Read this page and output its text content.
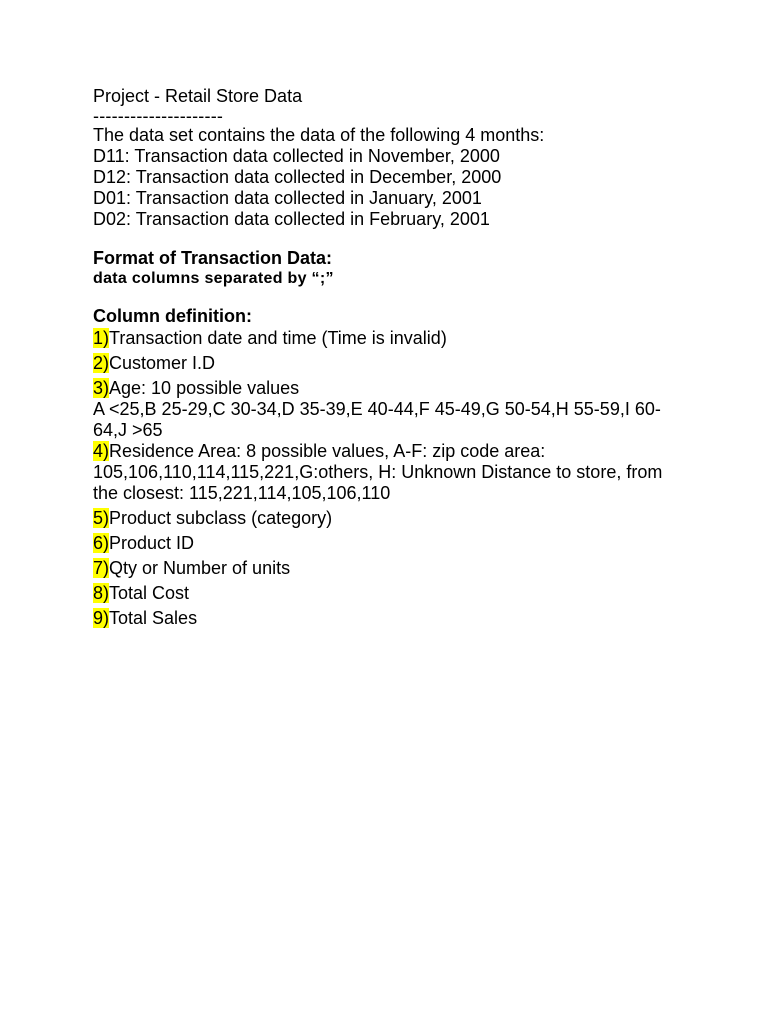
Project - Retail Store Data
---------------------
The data set contains the data of the following 4 months:
D11: Transaction data collected in November, 2000
D12: Transaction data collected in December, 2000
D01: Transaction data collected in January, 2001
D02: Transaction data collected in February, 2001
Format of Transaction Data:
data columns separated by “;”
Column definition:
1)Transaction date and time (Time is invalid)
2)Customer I.D
3)Age: 10 possible values
A <25,B 25-29,C 30-34,D 35-39,E 40-44,F 45-49,G 50-54,H 55-59,I 60-64,J >65
4)Residence Area: 8 possible values, A-F: zip code area: 105,106,110,114,115,221,G:others, H: Unknown Distance to store, from the closest: 115,221,114,105,106,110
5)Product subclass (category)
6)Product ID
7)Qty or Number of units
8)Total Cost
9)Total Sales
